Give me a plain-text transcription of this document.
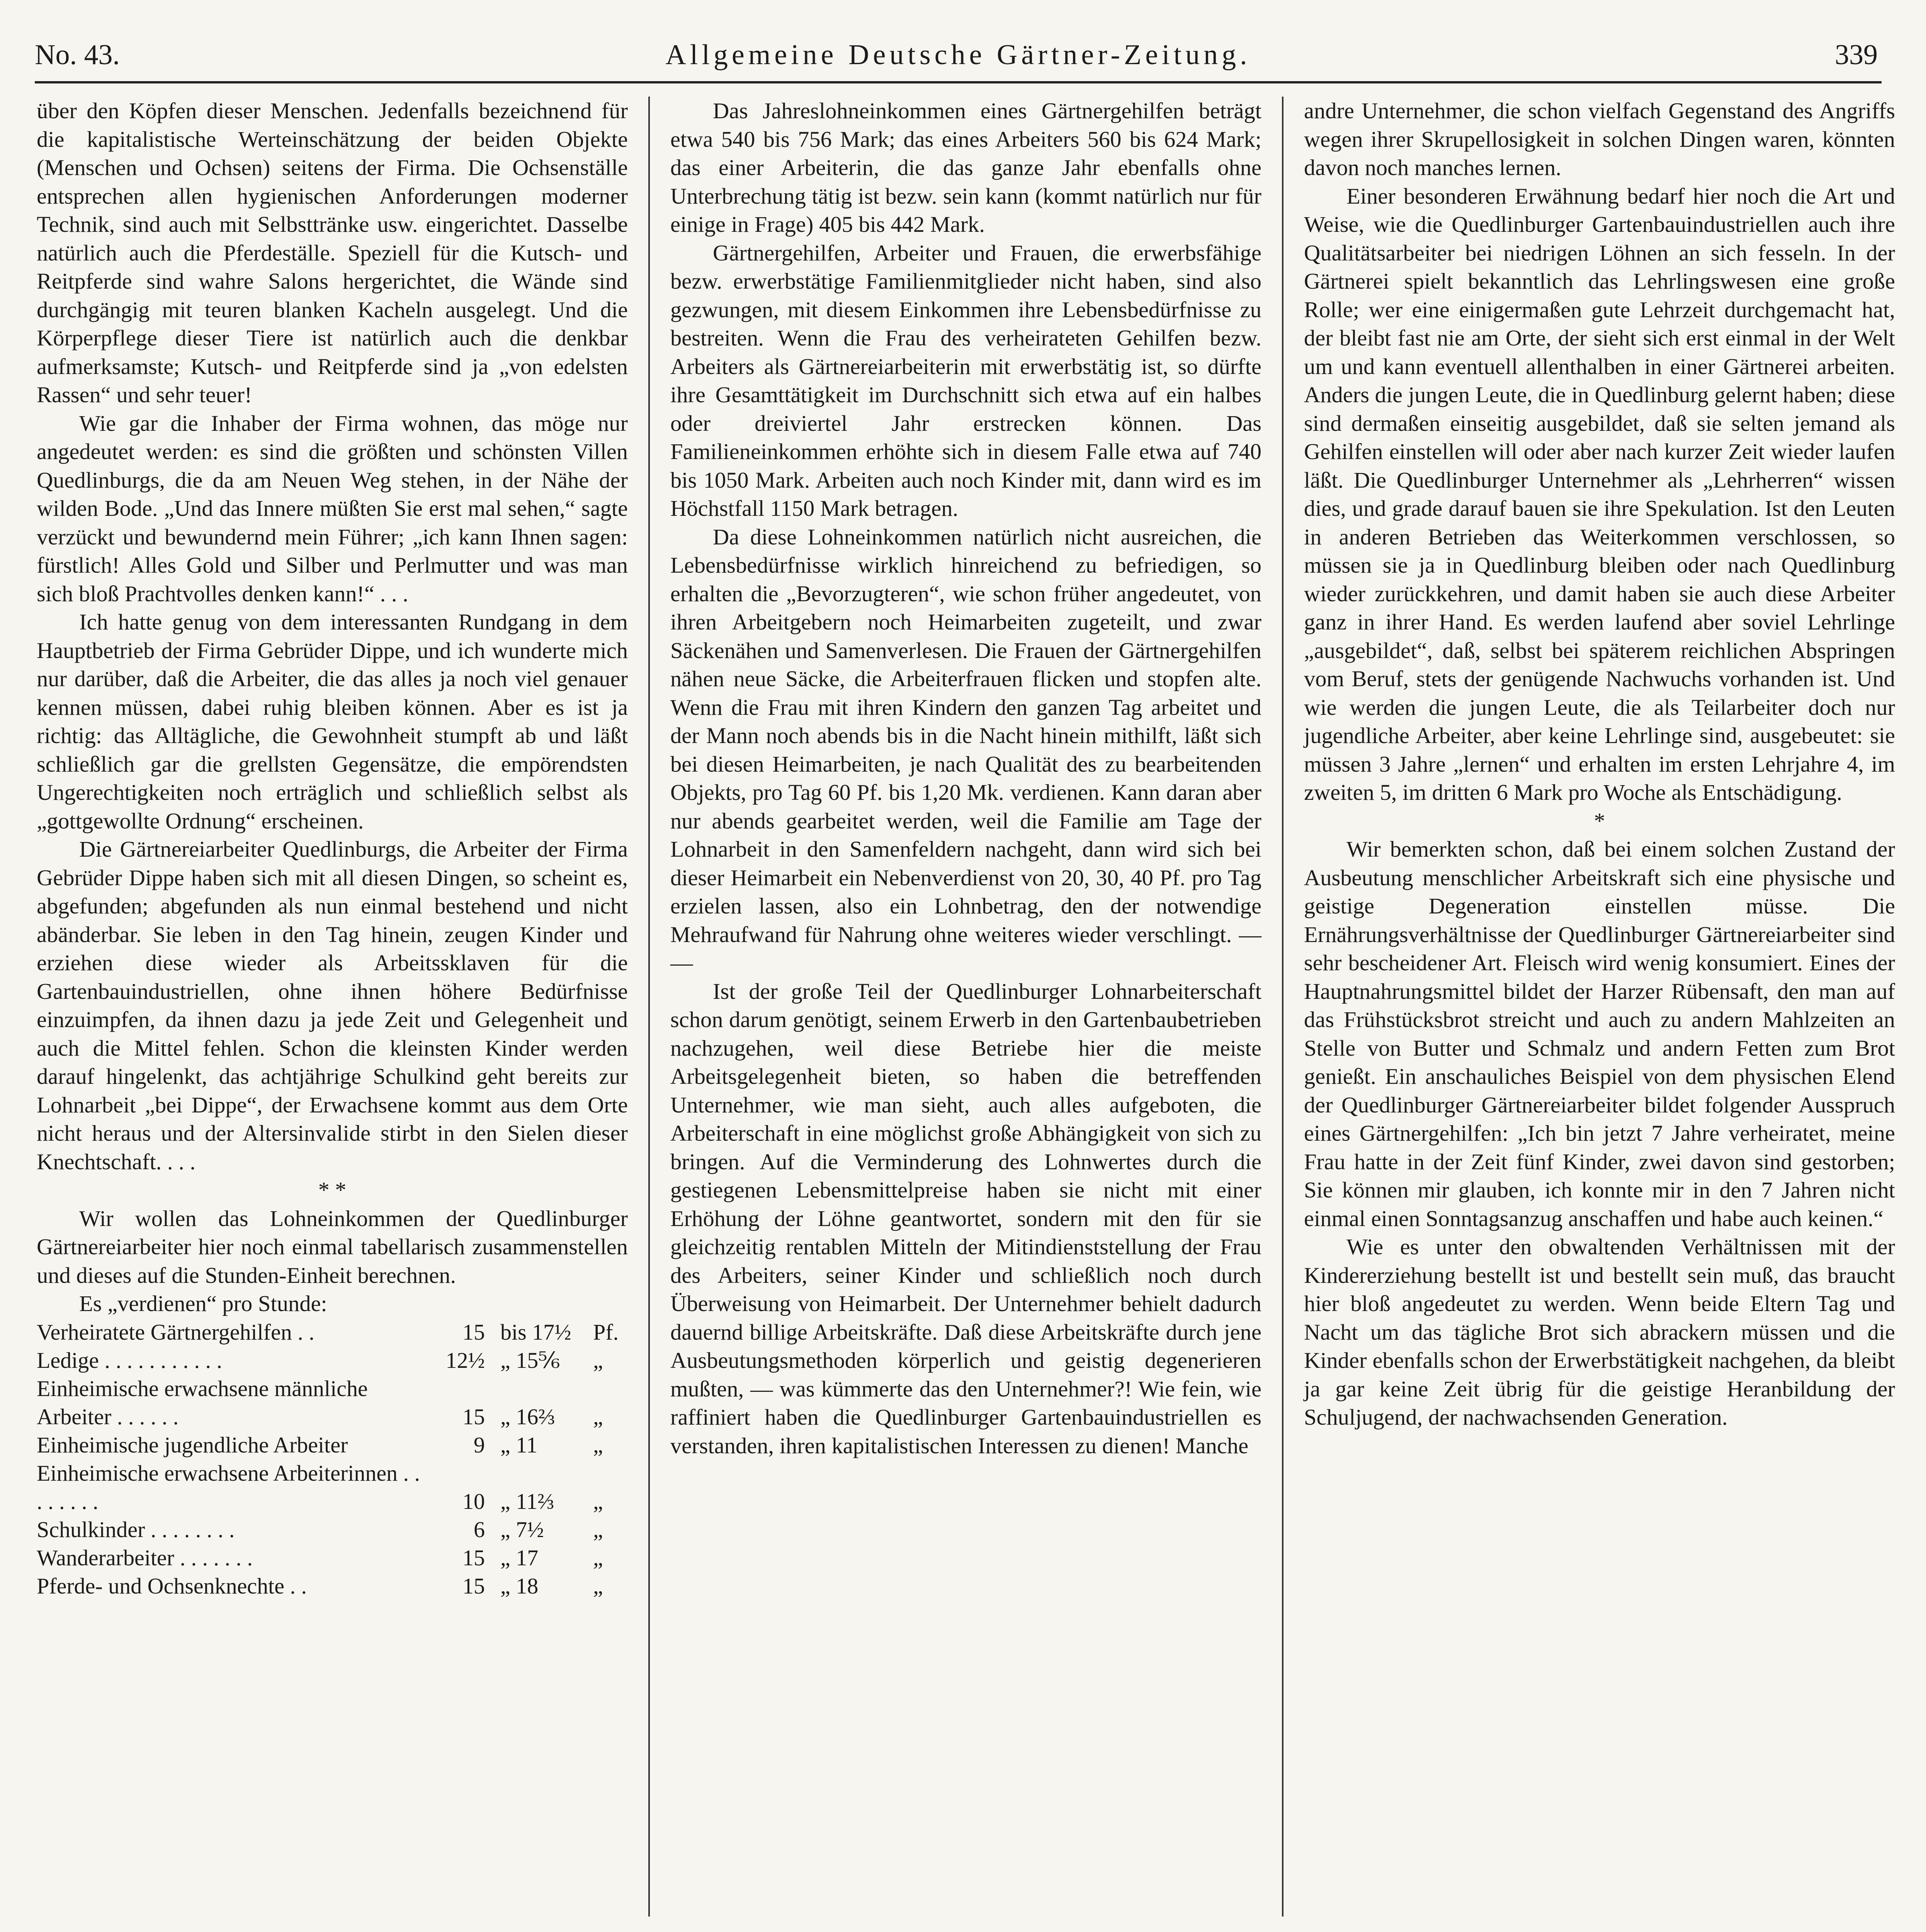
No. 43.	Allgemeine Deutsche Gärtner-Zeitung.	339

über den Köpfen dieser Menschen. Jedenfalls bezeichnend für die kapitalistische Werteinschätzung der beiden Objekte (Menschen und Ochsen) seitens der Firma. Die Ochsenställe entsprechen allen hygienischen Anforderungen moderner Technik, sind auch mit Selbsttränke usw. eingerichtet. Dasselbe natürlich auch die Pferdeställe. Speziell für die Kutsch- und Reitpferde sind wahre Salons hergerichtet, die Wände sind durchgängig mit teuren blanken Kacheln ausgelegt. Und die Körperpflege dieser Tiere ist natürlich auch die denkbar aufmerksamste; Kutsch- und Reitpferde sind ja „von edelsten Rassen“ und sehr teuer!

Wie gar die Inhaber der Firma wohnen, das möge nur angedeutet werden: es sind die größten und schönsten Villen Quedlinburgs, die da am Neuen Weg stehen, in der Nähe der wilden Bode. „Und das Innere müßten Sie erst mal sehen,“ sagte verzückt und bewundernd mein Führer; „ich kann Ihnen sagen: fürstlich! Alles Gold und Silber und Perlmutter und was man sich bloß Prachtvolles denken kann!“ . . .

Ich hatte genug von dem interessanten Rundgang in dem Hauptbetrieb der Firma Gebrüder Dippe, und ich wunderte mich nur darüber, daß die Arbeiter, die das alles ja noch viel genauer kennen müssen, dabei ruhig bleiben können. Aber es ist ja richtig: das Alltägliche, die Gewohnheit stumpft ab und läßt schließlich gar die grellsten Gegensätze, die empörendsten Ungerechtigkeiten noch erträglich und schließlich selbst als „gottgewollte Ordnung“ erscheinen.

Die Gärtnereiarbeiter Quedlinburgs, die Arbeiter der Firma Gebrüder Dippe haben sich mit all diesen Dingen, so scheint es, abgefunden; abgefunden als nun einmal bestehend und nicht abänderbar. Sie leben in den Tag hinein, zeugen Kinder und erziehen diese wieder als Arbeitssklaven für die Gartenbauindustriellen, ohne ihnen höhere Bedürfnisse einzuimpfen, da ihnen dazu ja jede Zeit und Gelegenheit und auch die Mittel fehlen. Schon die kleinsten Kinder werden darauf hingelenkt, das achtjährige Schulkind geht bereits zur Lohnarbeit „bei Dippe“, der Erwachsene kommt aus dem Orte nicht heraus und der Altersinvalide stirbt in den Sielen dieser Knechtschaft. . . .

* *

Wir wollen das Lohneinkommen der Quedlinburger Gärtnereiarbeiter hier noch einmal tabellarisch zusammenstellen und dieses auf die Stunden-Einheit berechnen.

Es „verdienen“ pro Stunde:

Verheiratete Gärtnergehilfen . .	15	bis 17½	Pf.
Ledige . . . . . . . . . . .	12½	„ 15⅚	„
Einheimische erwachsene männliche Arbeiter . . . . . .	15	„ 16⅔	„
Einheimische jugendliche Arbeiter	9	„ 11	„
Einheimische erwachsene Arbeiterinnen . . . . . . . .	10	„ 11⅔	„
Schulkinder . . . . . . . .	6	„ 7½	„
Wanderarbeiter . . . . . . .	15	„ 17	„
Pferde- und Ochsenknechte . .	15	„ 18	„

Das Jahreslohneinkommen eines Gärtnergehilfen beträgt etwa 540 bis 756 Mark; das eines Arbeiters 560 bis 624 Mark; das einer Arbeiterin, die das ganze Jahr ebenfalls ohne Unterbrechung tätig ist bezw. sein kann (kommt natürlich nur für einige in Frage) 405 bis 442 Mark.

Gärtnergehilfen, Arbeiter und Frauen, die erwerbsfähige bezw. erwerbstätige Familienmitglieder nicht haben, sind also gezwungen, mit diesem Einkommen ihre Lebensbedürfnisse zu bestreiten. Wenn die Frau des verheirateten Gehilfen bezw. Arbeiters als Gärtnereiarbeiterin mit erwerbstätig ist, so dürfte ihre Gesamttätigkeit im Durchschnitt sich etwa auf ein halbes oder dreiviertel Jahr erstrecken können. Das Familieneinkommen erhöhte sich in diesem Falle etwa auf 740 bis 1050 Mark. Arbeiten auch noch Kinder mit, dann wird es im Höchstfall 1150 Mark betragen.

Da diese Lohneinkommen natürlich nicht ausreichen, die Lebensbedürfnisse wirklich hinreichend zu befriedigen, so erhalten die „Bevorzugteren“, wie schon früher angedeutet, von ihren Arbeitgebern noch Heimarbeiten zugeteilt, und zwar Säckenähen und Samenverlesen. Die Frauen der Gärtnergehilfen nähen neue Säcke, die Arbeiterfrauen flicken und stopfen alte. Wenn die Frau mit ihren Kindern den ganzen Tag arbeitet und der Mann noch abends bis in die Nacht hinein mithilft, läßt sich bei diesen Heimarbeiten, je nach Qualität des zu bearbeitenden Objekts, pro Tag 60 Pf. bis 1,20 Mk. verdienen. Kann daran aber nur abends gearbeitet werden, weil die Familie am Tage der Lohnarbeit in den Samenfeldern nachgeht, dann wird sich bei dieser Heimarbeit ein Nebenverdienst von 20, 30, 40 Pf. pro Tag erzielen lassen, also ein Lohnbetrag, den der notwendige Mehraufwand für Nahrung ohne weiteres wieder verschlingt. — —

Ist der große Teil der Quedlinburger Lohnarbeiterschaft schon darum genötigt, seinem Erwerb in den Gartenbaubetrieben nachzugehen, weil diese Betriebe hier die meiste Arbeitsgelegenheit bieten, so haben die betreffenden Unternehmer, wie man sieht, auch alles aufgeboten, die Arbeiterschaft in eine möglichst große Abhängigkeit von sich zu bringen. Auf die Verminderung des Lohnwertes durch die gestiegenen Lebensmittelpreise haben sie nicht mit einer Erhöhung der Löhne geantwortet, sondern mit den für sie gleichzeitig rentablen Mitteln der Mitindienststellung der Frau des Arbeiters, seiner Kinder und schließlich noch durch Überweisung von Heimarbeit. Der Unternehmer behielt dadurch dauernd billige Arbeitskräfte. Daß diese Arbeitskräfte durch jene Ausbeutungsmethoden körperlich und geistig degenerieren mußten, — was kümmerte das den Unternehmer?! Wie fein, wie raffiniert haben die Quedlinburger Gartenbauindustriellen es verstanden, ihren kapitalistischen Interessen zu dienen! Manche

andre Unternehmer, die schon vielfach Gegenstand des Angriffs wegen ihrer Skrupellosigkeit in solchen Dingen waren, könnten davon noch manches lernen.

Einer besonderen Erwähnung bedarf hier noch die Art und Weise, wie die Quedlinburger Gartenbauindustriellen auch ihre Qualitätsarbeiter bei niedrigen Löhnen an sich fesseln. In der Gärtnerei spielt bekanntlich das Lehrlingswesen eine große Rolle; wer eine einigermaßen gute Lehrzeit durchgemacht hat, der bleibt fast nie am Orte, der sieht sich erst einmal in der Welt um und kann eventuell allenthalben in einer Gärtnerei arbeiten. Anders die jungen Leute, die in Quedlinburg gelernt haben; diese sind dermaßen einseitig ausgebildet, daß sie selten jemand als Gehilfen einstellen will oder aber nach kurzer Zeit wieder laufen läßt. Die Quedlinburger Unternehmer als „Lehrherren“ wissen dies, und grade darauf bauen sie ihre Spekulation. Ist den Leuten in anderen Betrieben das Weiterkommen verschlossen, so müssen sie ja in Quedlinburg bleiben oder nach Quedlinburg wieder zurückkehren, und damit haben sie auch diese Arbeiter ganz in ihrer Hand. Es werden laufend aber soviel Lehrlinge „ausgebildet“, daß, selbst bei späterem reichlichen Abspringen vom Beruf, stets der genügende Nachwuchs vorhanden ist. Und wie werden die jungen Leute, die als Teilarbeiter doch nur jugendliche Arbeiter, aber keine Lehrlinge sind, ausgebeutet: sie müssen 3 Jahre „lernen“ und erhalten im ersten Lehrjahre 4, im zweiten 5, im dritten 6 Mark pro Woche als Entschädigung.

*

Wir bemerkten schon, daß bei einem solchen Zustand der Ausbeutung menschlicher Arbeitskraft sich eine physische und geistige Degeneration einstellen müsse. Die Ernährungsverhältnisse der Quedlinburger Gärtnereiarbeiter sind sehr bescheidener Art. Fleisch wird wenig konsumiert. Eines der Hauptnahrungsmittel bildet der Harzer Rübensaft, den man auf das Frühstücksbrot streicht und auch zu andern Mahlzeiten an Stelle von Butter und Schmalz und andern Fetten zum Brot genießt. Ein anschauliches Beispiel von dem physischen Elend der Quedlinburger Gärtnereiarbeiter bildet folgender Ausspruch eines Gärtnergehilfen: „Ich bin jetzt 7 Jahre verheiratet, meine Frau hatte in der Zeit fünf Kinder, zwei davon sind gestorben; Sie können mir glauben, ich konnte mir in den 7 Jahren nicht einmal einen Sonntagsanzug anschaffen und habe auch keinen.“

Wie es unter den obwaltenden Verhältnissen mit der Kindererziehung bestellt ist und bestellt sein muß, das braucht hier bloß angedeutet zu werden. Wenn beide Eltern Tag und Nacht um das tägliche Brot sich abrackern müssen und die Kinder ebenfalls schon der Erwerbstätigkeit nachgehen, da bleibt ja gar keine Zeit übrig für die geistige Heranbildung der Schuljugend, der nachwachsenden Generation.
